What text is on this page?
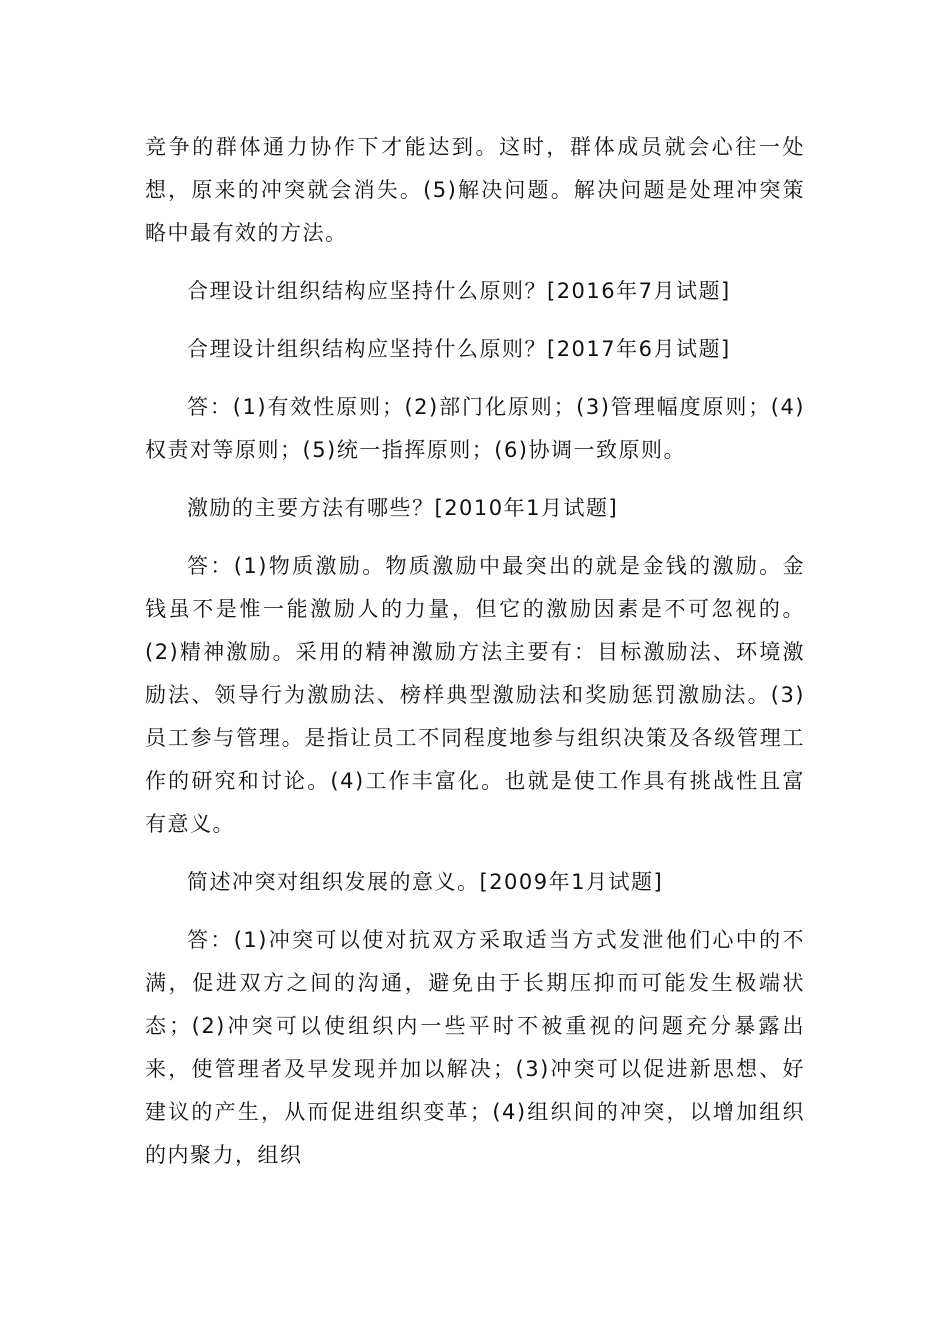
竞争的群体通力协作下才能达到。这时，群体成员就会心往一处想，原来的冲突就会消失。(5)解决问题。解决问题是处理冲突策略中最有效的方法。

合理设计组织结构应坚持什么原则？[2016年7月试题]

合理设计组织结构应坚持什么原则？[2017年6月试题]

答：(1)有效性原则；(2)部门化原则；(3)管理幅度原则；(4)权责对等原则；(5)统一指挥原则；(6)协调一致原则。

激励的主要方法有哪些？[2010年1月试题]

答：(1)物质激励。物质激励中最突出的就是金钱的激励。金钱虽不是惟一能激励人的力量，但它的激励因素是不可忽视的。(2)精神激励。采用的精神激励方法主要有：目标激励法、环境激励法、领导行为激励法、榜样典型激励法和奖励惩罚激励法。(3)员工参与管理。是指让员工不同程度地参与组织决策及各级管理工作的研究和讨论。(4)工作丰富化。也就是使工作具有挑战性且富有意义。

简述冲突对组织发展的意义。[2009年1月试题]

答：(1)冲突可以使对抗双方采取适当方式发泄他们心中的不满，促进双方之间的沟通，避免由于长期压抑而可能发生极端状态；(2)冲突可以使组织内一些平时不被重视的问题充分暴露出来，使管理者及早发现并加以解决；(3)冲突可以促进新思想、好建议的产生，从而促进组织变革；(4)组织间的冲突，以增加组织的内聚力，组织
